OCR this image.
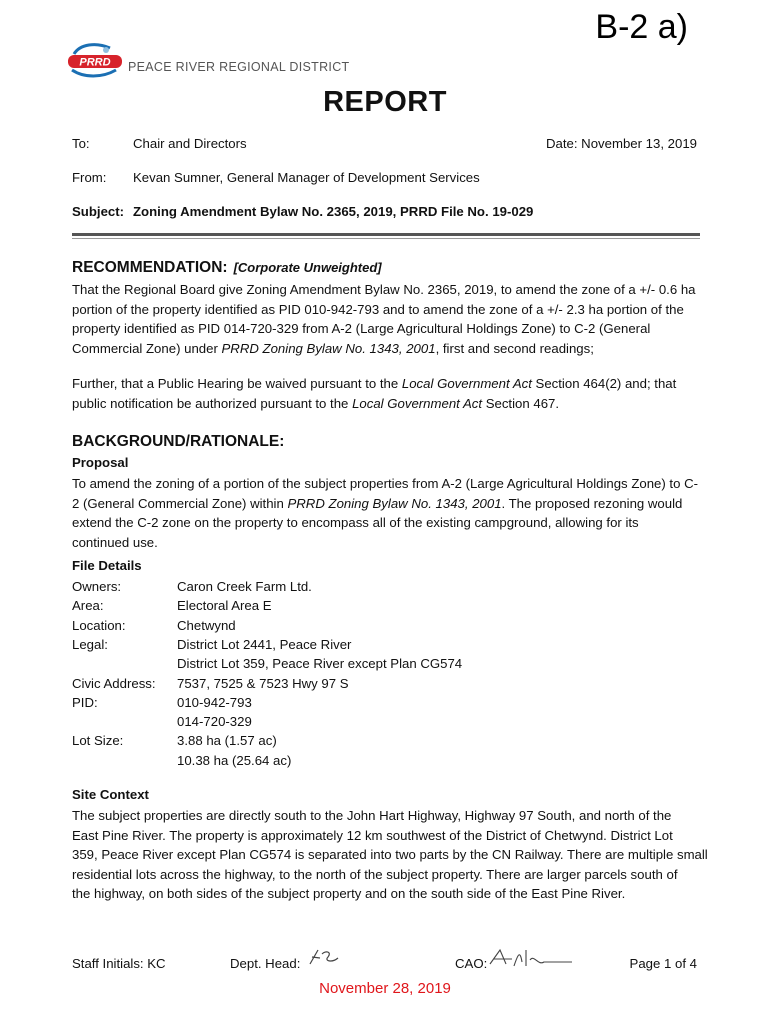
B-2 a)
PRRD PEACE RIVER REGIONAL DISTRICT
REPORT
To:	Chair and Directors	Date: November 13, 2019
From: Kevan Sumner, General Manager of Development Services
Subject: Zoning Amendment Bylaw No. 2365, 2019, PRRD File No. 19-029
RECOMMENDATION: [Corporate Unweighted]

That the Regional Board give Zoning Amendment Bylaw No. 2365, 2019, to amend the zone of a +/- 0.6 ha

portion of the property identified as PID 010-942-793 and to amend the zone of a +/- 2.3 ha portion of the

property identified as PID 014-720-329 from A-2 (Large Agricultural Holdings Zone) to C-2 (General

Commercial Zone) under PRRD Zoning Bylaw No. 1343, 2001, first and second readings;

Further, that a Public Hearing be waived pursuant to the Local Government Act Section 464(2) and; that

public notification be authorized pursuant to the Local Government Act Section 467.

BACKGROUND/RATIONALE:
Proposal

To amend the zoning of a portion of the subject properties from A-2 (Large Agricultural Holdings Zone) to C-

2 (General Commercial Zone) within PRRD Zoning Bylaw No. 1343, 2001. The proposed rezoning would

extend the C-2 zone on the property to encompass all of the existing campground, allowing for its

continued use.

File Details
Owners:	Caron Creek Farm Ltd.
Area:	Electoral Area E
Location:	Chetwynd
Legal:	District Lot 2441, Peace River
District Lot 359, Peace River except Plan CG574
Civic Address: 7537, 7525 & 7523 Hwy 97 S
PID:	010-942-793
014-720-329
Lot Size:	3.88 ha (1.57 ac)
10.38 ha (25.64 ac)
Site Context

The subject properties are directly south to the John Hart Highway, Highway 97 South, and north of the

East Pine River. The property is approximately 12 km southwest of the District of Chetwynd. District Lot

359, Peace River except Plan CG574 is separated into two parts by the CN Railway. There are multiple small

residential lots across the highway, to the north of the subject property. There are larger parcels south of

the highway, on both sides of the subject property and on the south side of the East Pine River.

Staff Initials: KC	Dept. Head:	CAO:	Page 1 of 4
November 28, 2019
